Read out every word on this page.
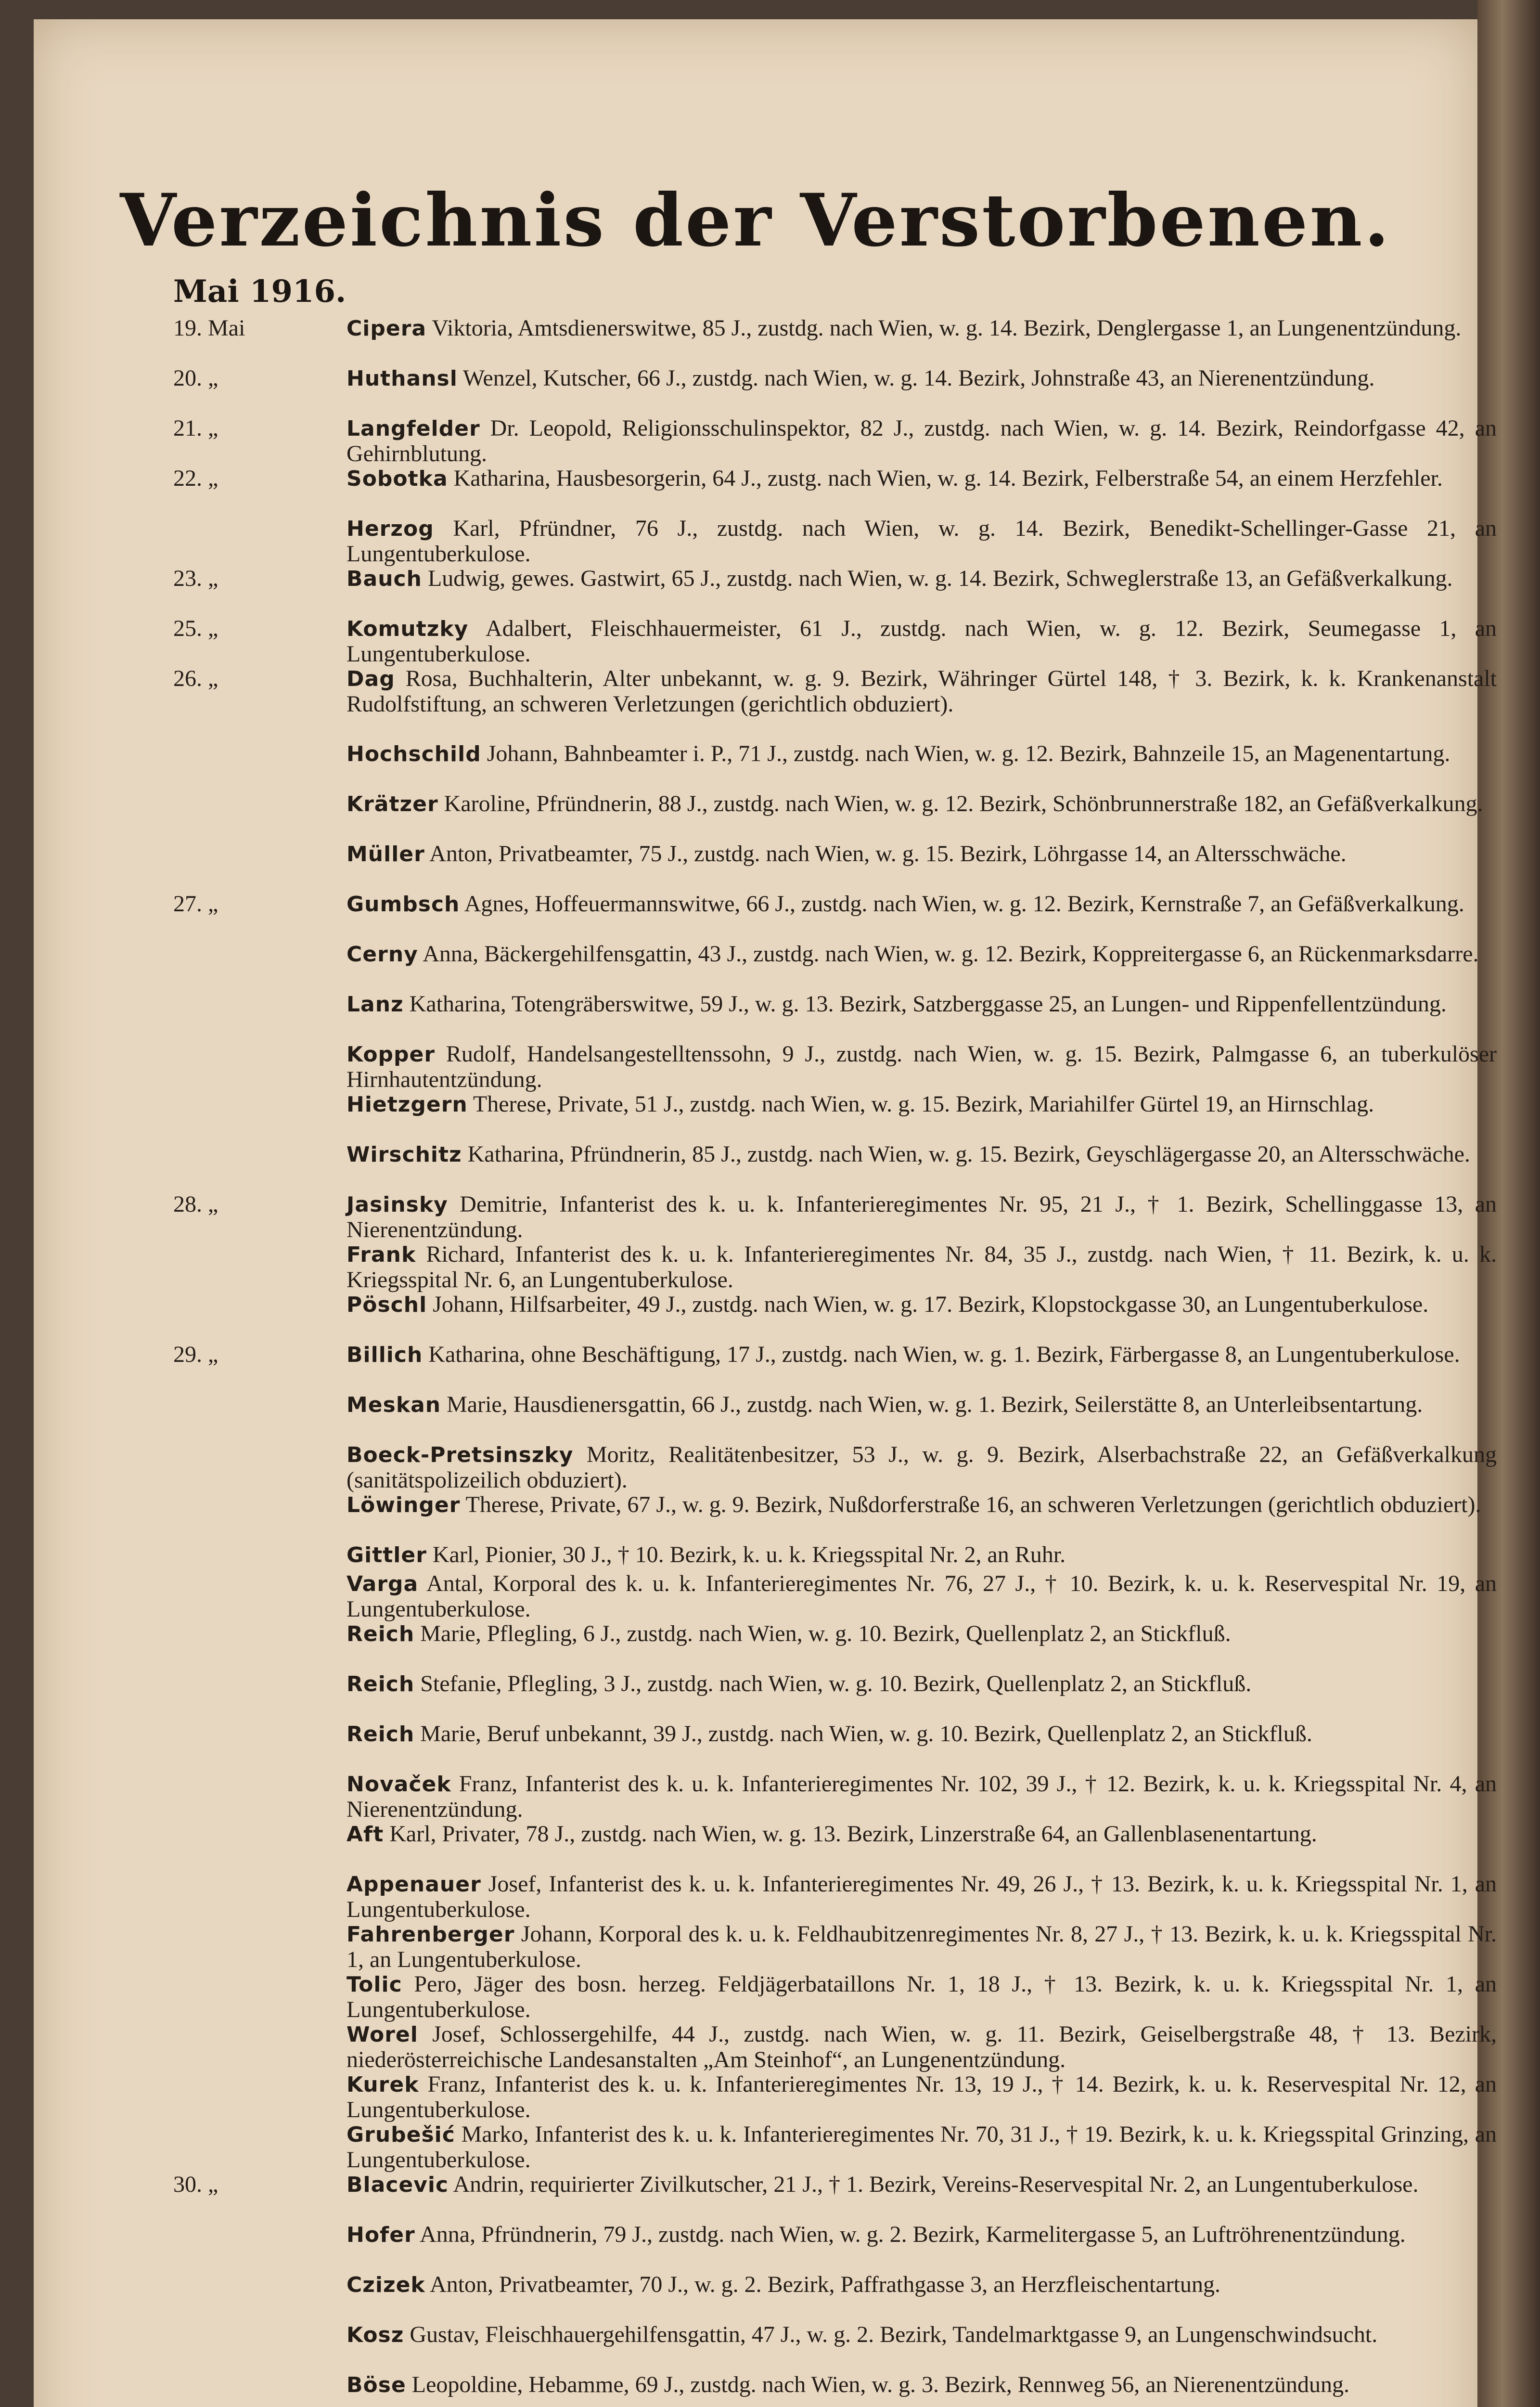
Verzeichnis der Verstorbenen.
Mai 1916.
19. Mai	Cipera Viktoria, Amtsdienerswitwe, 85 J., zustdg. nach Wien, w. g. 14. Bezirk, Denglergasse 1, an Lungenentzündung.
20. „	Huthansl Wenzel, Kutscher, 66 J., zustdg. nach Wien, w. g. 14. Bezirk, Johnstraße 43, an Nierenentzündung.
21. „	Langfelder Dr. Leopold, Religionsschulinspektor, 82 J., zustdg. nach Wien, w. g. 14. Bezirk, Reindorfgasse 42, an Gehirnblutung.
22. „	Sobotka Katharina, Hausbesorgerin, 64 J., zustg. nach Wien, w. g. 14. Bezirk, Felberstraße 54, an einem Herzfehler.
Herzog Karl, Pfründner, 76 J., zustdg. nach Wien, w. g. 14. Bezirk, Benedikt-Schellinger-Gasse 21, an Lungentuberkulose.
23. „	Bauch Ludwig, gewes. Gastwirt, 65 J., zustdg. nach Wien, w. g. 14. Bezirk, Schweglerstraße 13, an Gefäßverkalkung.
25. „	Komutzky Adalbert, Fleischhauermeister, 61 J., zustdg. nach Wien, w. g. 12. Bezirk, Seumegasse 1, an Lungentuberkulose.
26. „	Dag Rosa, Buchhalterin, Alter unbekannt, w. g. 9. Bezirk, Währinger Gürtel 148, † 3. Bezirk, k. k. Krankenanstalt Rudolfstiftung, an schweren Verletzungen (gerichtlich obduziert).
Hochschild Johann, Bahnbeamter i. P., 71 J., zustdg. nach Wien, w. g. 12. Bezirk, Bahnzeile 15, an Magenentartung.
Krätzer Karoline, Pfründnerin, 88 J., zustdg. nach Wien, w. g. 12. Bezirk, Schönbrunnerstraße 182, an Gefäßverkalkung.
Müller Anton, Privatbeamter, 75 J., zustdg. nach Wien, w. g. 15. Bezirk, Löhrgasse 14, an Altersschwäche.
27. „	Gumbsch Agnes, Hoffeuermannswitwe, 66 J., zustdg. nach Wien, w. g. 12. Bezirk, Kernstraße 7, an Gefäßverkalkung.
Cerny Anna, Bäckergehilfensgattin, 43 J., zustdg. nach Wien, w. g. 12. Bezirk, Koppreitergasse 6, an Rückenmarksdarre.
Lanz Katharina, Totengräberswitwe, 59 J., w. g. 13. Bezirk, Satzberggasse 25, an Lungen- und Rippenfellentzündung.
Kopper Rudolf, Handelsangestelltenssohn, 9 J., zustdg. nach Wien, w. g. 15. Bezirk, Palmgasse 6, an tuberkulöser Hirnhautentzündung.
Hietzgern Therese, Private, 51 J., zustdg. nach Wien, w. g. 15. Bezirk, Mariahilfer Gürtel 19, an Hirnschlag.
Wirschitz Katharina, Pfründnerin, 85 J., zustdg. nach Wien, w. g. 15. Bezirk, Geyschlägergasse 20, an Altersschwäche.
28. „	Jasinsky Demitrie, Infanterist des k. u. k. Infanterieregimentes Nr. 95, 21 J., † 1. Bezirk, Schellinggasse 13, an Nierenentzündung.
Frank Richard, Infanterist des k. u. k. Infanterieregimentes Nr. 84, 35 J., zustdg. nach Wien, † 11. Bezirk, k. u. k. Kriegsspital Nr. 6, an Lungentuberkulose.
Pöschl Johann, Hilfsarbeiter, 49 J., zustdg. nach Wien, w. g. 17. Bezirk, Klopstockgasse 30, an Lungentuberkulose.
29. „	Billich Katharina, ohne Beschäftigung, 17 J., zustdg. nach Wien, w. g. 1. Bezirk, Färbergasse 8, an Lungentuberkulose.
Meskan Marie, Hausdienersgattin, 66 J., zustdg. nach Wien, w. g. 1. Bezirk, Seilerstätte 8, an Unterleibsentartung.
Boeck-Pretsinszky Moritz, Realitätenbesitzer, 53 J., w. g. 9. Bezirk, Alserbachstraße 22, an Gefäßverkalkung (sanitätspolizeilich obduziert).
Löwinger Therese, Private, 67 J., w. g. 9. Bezirk, Nußdorferstraße 16, an schweren Verletzungen (gerichtlich obduziert).
Gittler Karl, Pionier, 30 J., † 10. Bezirk, k. u. k. Kriegsspital Nr. 2, an Ruhr.
Varga Antal, Korporal des k. u. k. Infanterieregimentes Nr. 76, 27 J., † 10. Bezirk, k. u. k. Reservespital Nr. 19, an Lungentuberkulose.
Reich Marie, Pflegling, 6 J., zustdg. nach Wien, w. g. 10. Bezirk, Quellenplatz 2, an Stickfluß.
Reich Stefanie, Pflegling, 3 J., zustdg. nach Wien, w. g. 10. Bezirk, Quellenplatz 2, an Stickfluß.
Reich Marie, Beruf unbekannt, 39 J., zustdg. nach Wien, w. g. 10. Bezirk, Quellenplatz 2, an Stickfluß.
Novaček Franz, Infanterist des k. u. k. Infanterieregimentes Nr. 102, 39 J., † 12. Bezirk, k. u. k. Kriegsspital Nr. 4, an Nierenentzündung.
Aft Karl, Privater, 78 J., zustdg. nach Wien, w. g. 13. Bezirk, Linzerstraße 64, an Gallenblasenentartung.
Appenauer Josef, Infanterist des k. u. k. Infanterieregimentes Nr. 49, 26 J., † 13. Bezirk, k. u. k. Kriegsspital Nr. 1, an Lungentuberkulose.
Fahrenberger Johann, Korporal des k. u. k. Feldhaubitzenregimentes Nr. 8, 27 J., † 13. Bezirk, k. u. k. Kriegsspital Nr. 1, an Lungentuberkulose.
Tolic Pero, Jäger des bosn. herzeg. Feldjägerbataillons Nr. 1, 18 J., † 13. Bezirk, k. u. k. Kriegsspital Nr. 1, an Lungentuberkulose.
Worel Josef, Schlossergehilfe, 44 J., zustdg. nach Wien, w. g. 11. Bezirk, Geiselbergstraße 48, † 13. Bezirk, niederösterreichische Landesanstalten „Am Steinhof“, an Lungenentzündung.
Kurek Franz, Infanterist des k. u. k. Infanterieregimentes Nr. 13, 19 J., † 14. Bezirk, k. u. k. Reservespital Nr. 12, an Lungentuberkulose.
Grubešić Marko, Infanterist des k. u. k. Infanterieregimentes Nr. 70, 31 J., † 19. Bezirk, k. u. k. Kriegsspital Grinzing, an Lungentuberkulose.
30. „	Blacevic Andrin, requirierter Zivilkutscher, 21 J., † 1. Bezirk, Vereins-Reservespital Nr. 2, an Lungentuberkulose.
Hofer Anna, Pfründnerin, 79 J., zustdg. nach Wien, w. g. 2. Bezirk, Karmelitergasse 5, an Luftröhrenentzündung.
Czizek Anton, Privatbeamter, 70 J., w. g. 2. Bezirk, Paffrathgasse 3, an Herzfleischentartung.
Kosz Gustav, Fleischhauergehilfensgattin, 47 J., w. g. 2. Bezirk, Tandelmarktgasse 9, an Lungenschwindsucht.
Böse Leopoldine, Hebamme, 69 J., zustdg. nach Wien, w. g. 3. Bezirk, Rennweg 56, an Nierenentzündung.
